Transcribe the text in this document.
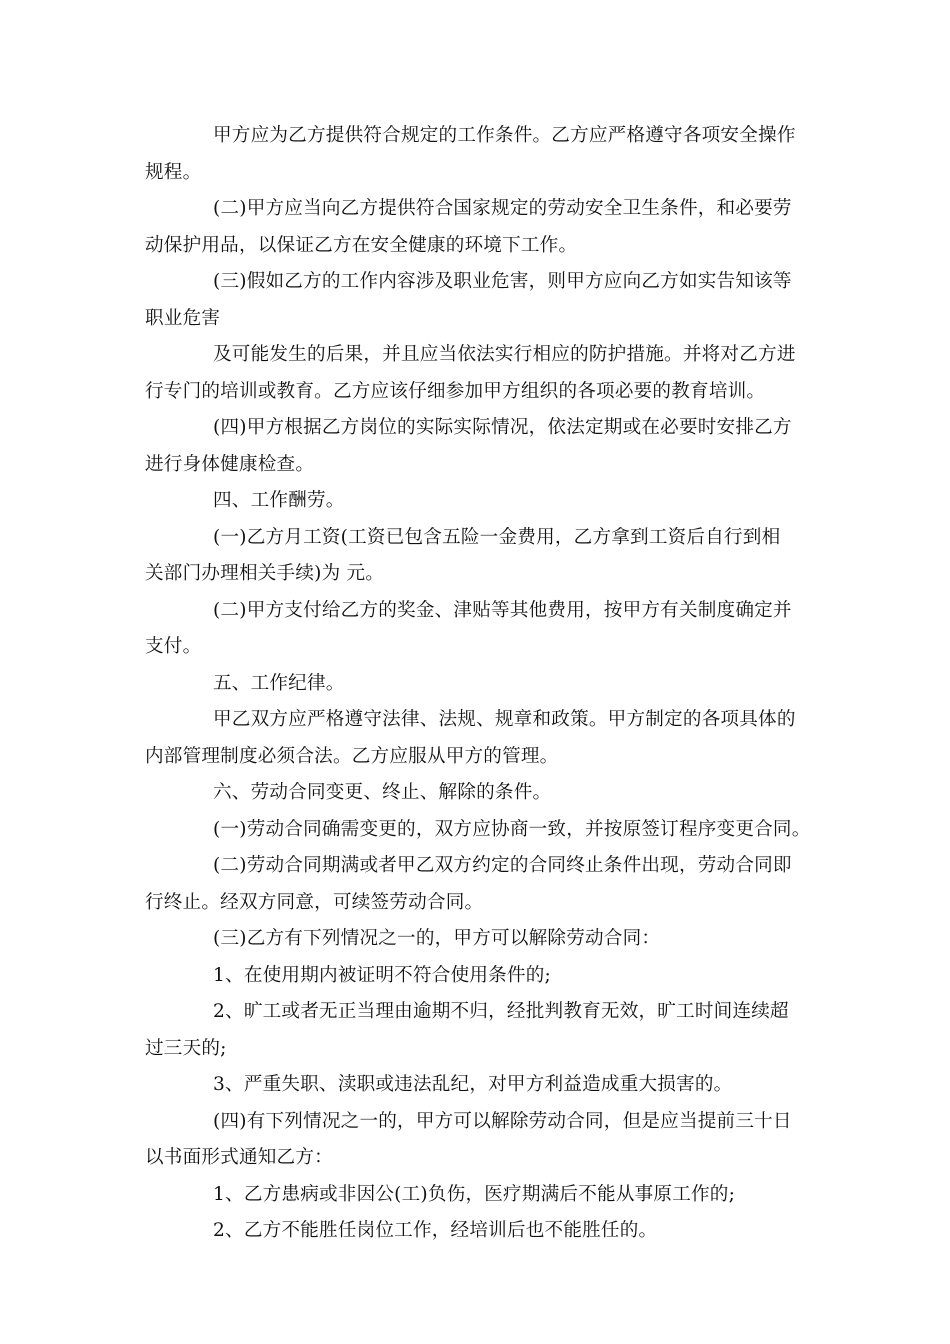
甲方应为乙方提供符合规定的工作条件。乙方应严格遵守各项安全操作
规程。
(二)甲方应当向乙方提供符合国家规定的劳动安全卫生条件，和必要劳
动保护用品，以保证乙方在安全健康的环境下工作。
(三)假如乙方的工作内容涉及职业危害，则甲方应向乙方如实告知该等
职业危害
及可能发生的后果，并且应当依法实行相应的防护措施。并将对乙方进
行专门的培训或教育。乙方应该仔细参加甲方组织的各项必要的教育培训。
(四)甲方根据乙方岗位的实际实际情况，依法定期或在必要时安排乙方
进行身体健康检查。
四、工作酬劳。
(一)乙方月工资(工资已包含五险一金费用，乙方拿到工资后自行到相
关部门办理相关手续)为 元。
(二)甲方支付给乙方的奖金、津贴等其他费用，按甲方有关制度确定并
支付。
五、工作纪律。
甲乙双方应严格遵守法律、法规、规章和政策。甲方制定的各项具体的
内部管理制度必须合法。乙方应服从甲方的管理。
六、劳动合同变更、终止、解除的条件。
(一)劳动合同确需变更的，双方应协商一致，并按原签订程序变更合同。
(二)劳动合同期满或者甲乙双方约定的合同终止条件出现，劳动合同即
行终止。经双方同意，可续签劳动合同。
(三)乙方有下列情况之一的，甲方可以解除劳动合同：
1、在使用期内被证明不符合使用条件的;
2、旷工或者无正当理由逾期不归，经批判教育无效，旷工时间连续超
过三天的;
3、严重失职、渎职或违法乱纪，对甲方利益造成重大损害的。
(四)有下列情况之一的，甲方可以解除劳动合同，但是应当提前三十日
以书面形式通知乙方：
1、乙方患病或非因公(工)负伤，医疗期满后不能从事原工作的;
2、乙方不能胜任岗位工作，经培训后也不能胜任的。
